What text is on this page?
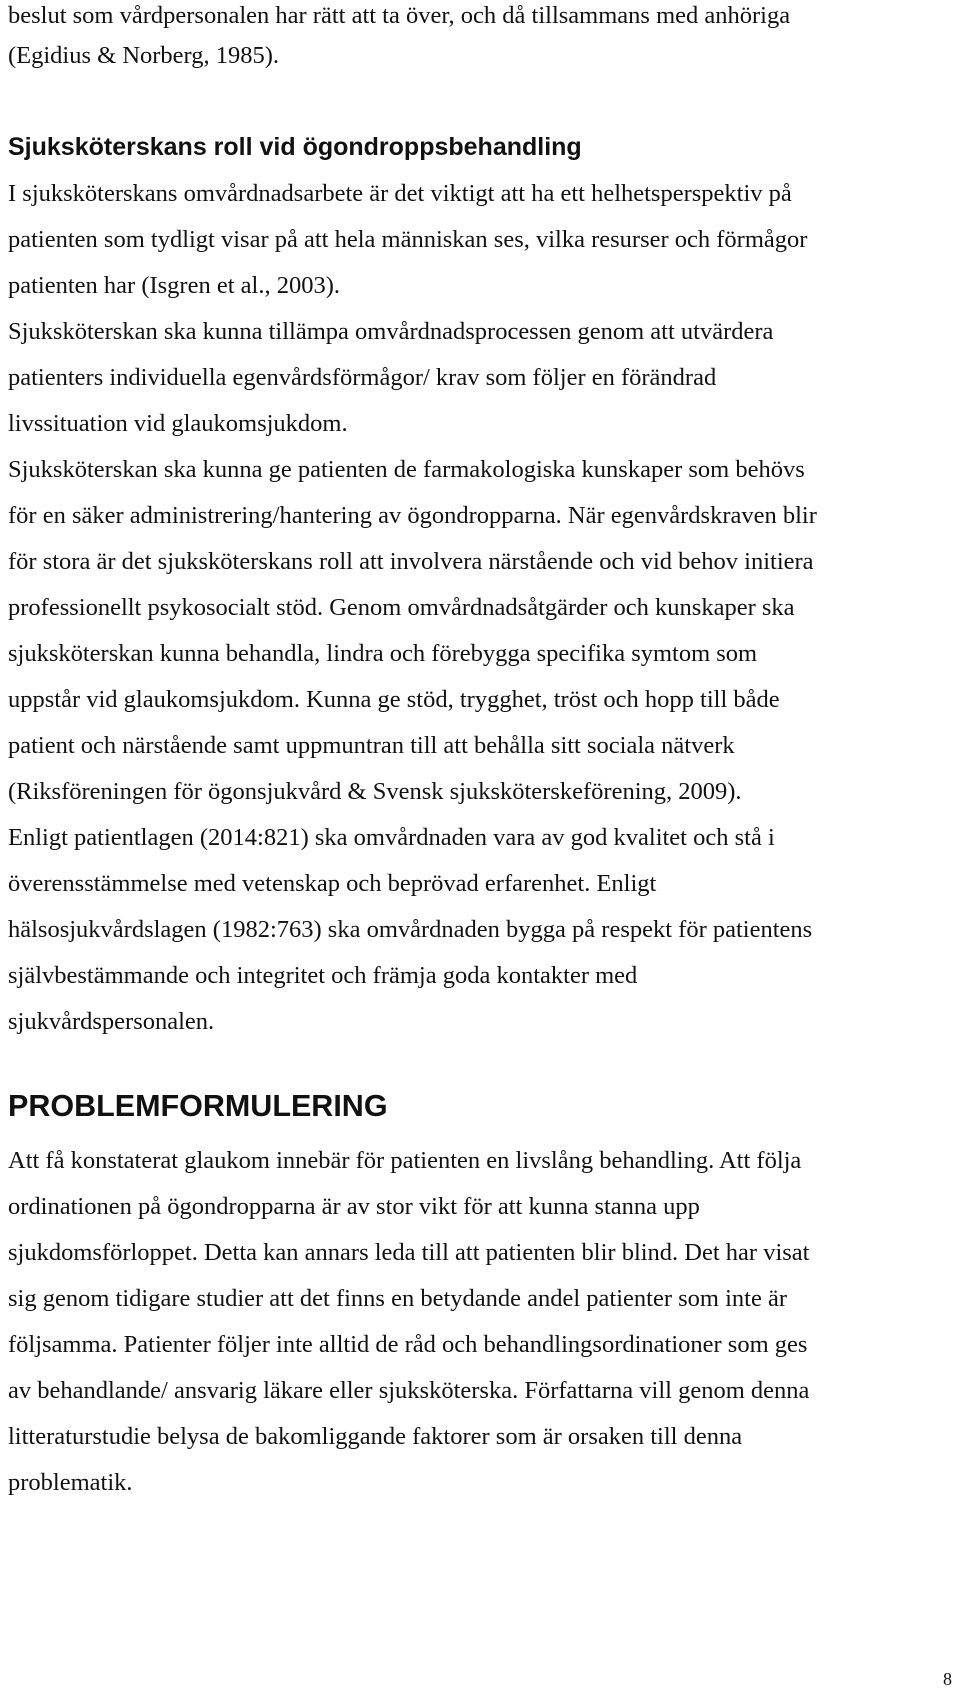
beslut som vårdpersonalen har rätt att ta över, och då tillsammans med anhöriga
(Egidius & Norberg, 1985).
Sjuksköterskans roll vid ögondroppsbehandling
I sjuksköterskans omvårdnadsarbete är det viktigt att ha ett helhetsperspektiv på
patienten som tydligt visar på att hela människan ses, vilka resurser och förmågor
patienten har (Isgren et al., 2003).
Sjuksköterskan ska kunna tillämpa omvårdnadsprocessen genom att utvärdera
patienters individuella egenvårdsförmågor/ krav som följer en förändrad
livssituation vid glaukomsjukdom.
Sjuksköterskan ska kunna ge patienten de farmakologiska kunskaper som behövs
för en säker administrering/hantering av ögondropparna. När egenvårdskraven blir
för stora är det sjuksköterskans roll att involvera närstående och vid behov initiera
professionellt psykosocialt stöd. Genom omvårdnadsåtgärder och kunskaper ska
sjuksköterskan kunna behandla, lindra och förebygga specifika symtom som
uppstår vid glaukomsjukdom. Kunna ge stöd, trygghet, tröst och hopp till både
patient och närstående samt uppmuntran till att behålla sitt sociala nätverk
(Riksföreningen för ögonsjukvård & Svensk sjuksköterskeförening, 2009).
Enligt patientlagen (2014:821) ska omvårdnaden vara av god kvalitet och stå i
överensstämmelse med vetenskap och beprövad erfarenhet. Enligt
hälsosjukvårdslagen (1982:763) ska omvårdnaden bygga på respekt för patientens
självbestämmande och integritet och främja goda kontakter med
sjukvårdspersonalen.
PROBLEMFORMULERING
Att få konstaterat glaukom innebär för patienten en livslång behandling. Att följa
ordinationen på ögondropparna är av stor vikt för att kunna stanna upp
sjukdomsförloppet. Detta kan annars leda till att patienten blir blind. Det har visat
sig genom tidigare studier att det finns en betydande andel patienter som inte är
följsamma. Patienter följer inte alltid de råd och behandlingsordinationer som ges
av behandlande/ ansvarig läkare eller sjuksköterska. Författarna vill genom denna
litteraturstudie belysa de bakomliggande faktorer som är orsaken till denna
problematik.
8
